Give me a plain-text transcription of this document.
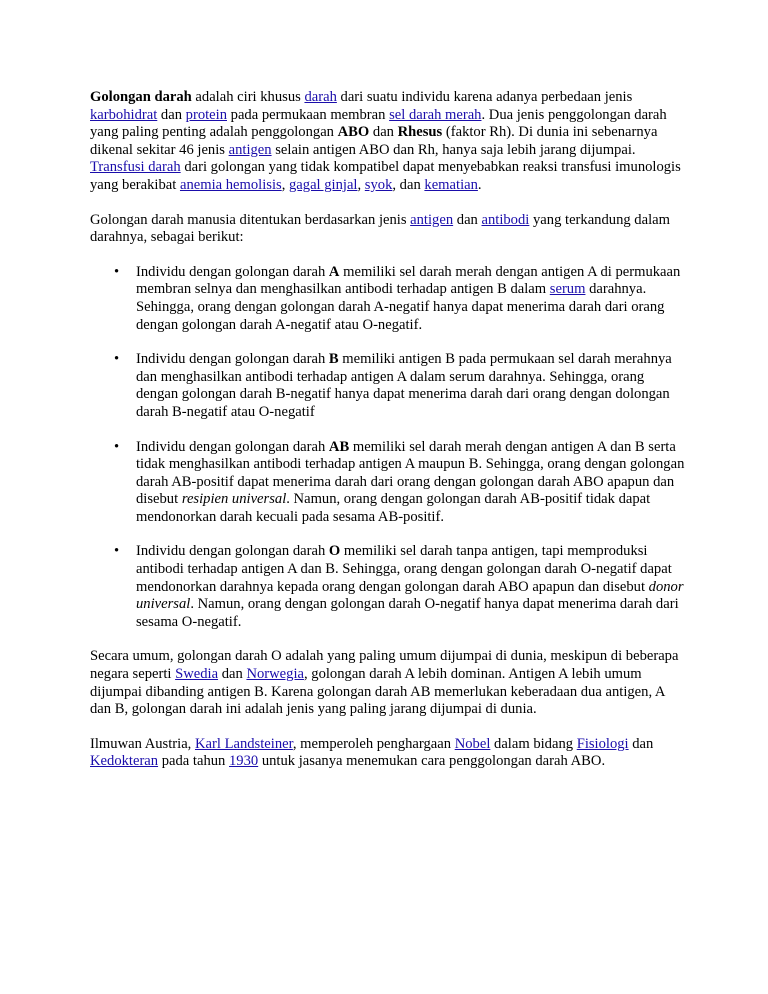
Golongan darah adalah ciri khusus darah dari suatu individu karena adanya perbedaan jenis karbohidrat dan protein pada permukaan membran sel darah merah. Dua jenis penggolongan darah yang paling penting adalah penggolongan ABO dan Rhesus (faktor Rh). Di dunia ini sebenarnya dikenal sekitar 46 jenis antigen selain antigen ABO dan Rh, hanya saja lebih jarang dijumpai. Transfusi darah dari golongan yang tidak kompatibel dapat menyebabkan reaksi transfusi imunologis yang berakibat anemia hemolisis, gagal ginjal, syok, dan kematian.

Golongan darah manusia ditentukan berdasarkan jenis antigen dan antibodi yang terkandung dalam darahnya, sebagai berikut:

• Individu dengan golongan darah A memiliki sel darah merah dengan antigen A di permukaan membran selnya dan menghasilkan antibodi terhadap antigen B dalam serum darahnya. Sehingga, orang dengan golongan darah A-negatif hanya dapat menerima darah dari orang dengan golongan darah A-negatif atau O-negatif.
• Individu dengan golongan darah B memiliki antigen B pada permukaan sel darah merahnya dan menghasilkan antibodi terhadap antigen A dalam serum darahnya. Sehingga, orang dengan golongan darah B-negatif hanya dapat menerima darah dari orang dengan dolongan darah B-negatif atau O-negatif
• Individu dengan golongan darah AB memiliki sel darah merah dengan antigen A dan B serta tidak menghasilkan antibodi terhadap antigen A maupun B. Sehingga, orang dengan golongan darah AB-positif dapat menerima darah dari orang dengan golongan darah ABO apapun dan disebut resipien universal. Namun, orang dengan golongan darah AB-positif tidak dapat mendonorkan darah kecuali pada sesama AB-positif.
• Individu dengan golongan darah O memiliki sel darah tanpa antigen, tapi memproduksi antibodi terhadap antigen A dan B. Sehingga, orang dengan golongan darah O-negatif dapat mendonorkan darahnya kepada orang dengan golongan darah ABO apapun dan disebut donor universal. Namun, orang dengan golongan darah O-negatif hanya dapat menerima darah dari sesama O-negatif.

Secara umum, golongan darah O adalah yang paling umum dijumpai di dunia, meskipun di beberapa negara seperti Swedia dan Norwegia, golongan darah A lebih dominan. Antigen A lebih umum dijumpai dibanding antigen B. Karena golongan darah AB memerlukan keberadaan dua antigen, A dan B, golongan darah ini adalah jenis yang paling jarang dijumpai di dunia.

Ilmuwan Austria, Karl Landsteiner, memperoleh penghargaan Nobel dalam bidang Fisiologi dan Kedokteran pada tahun 1930 untuk jasanya menemukan cara penggolongan darah ABO.
